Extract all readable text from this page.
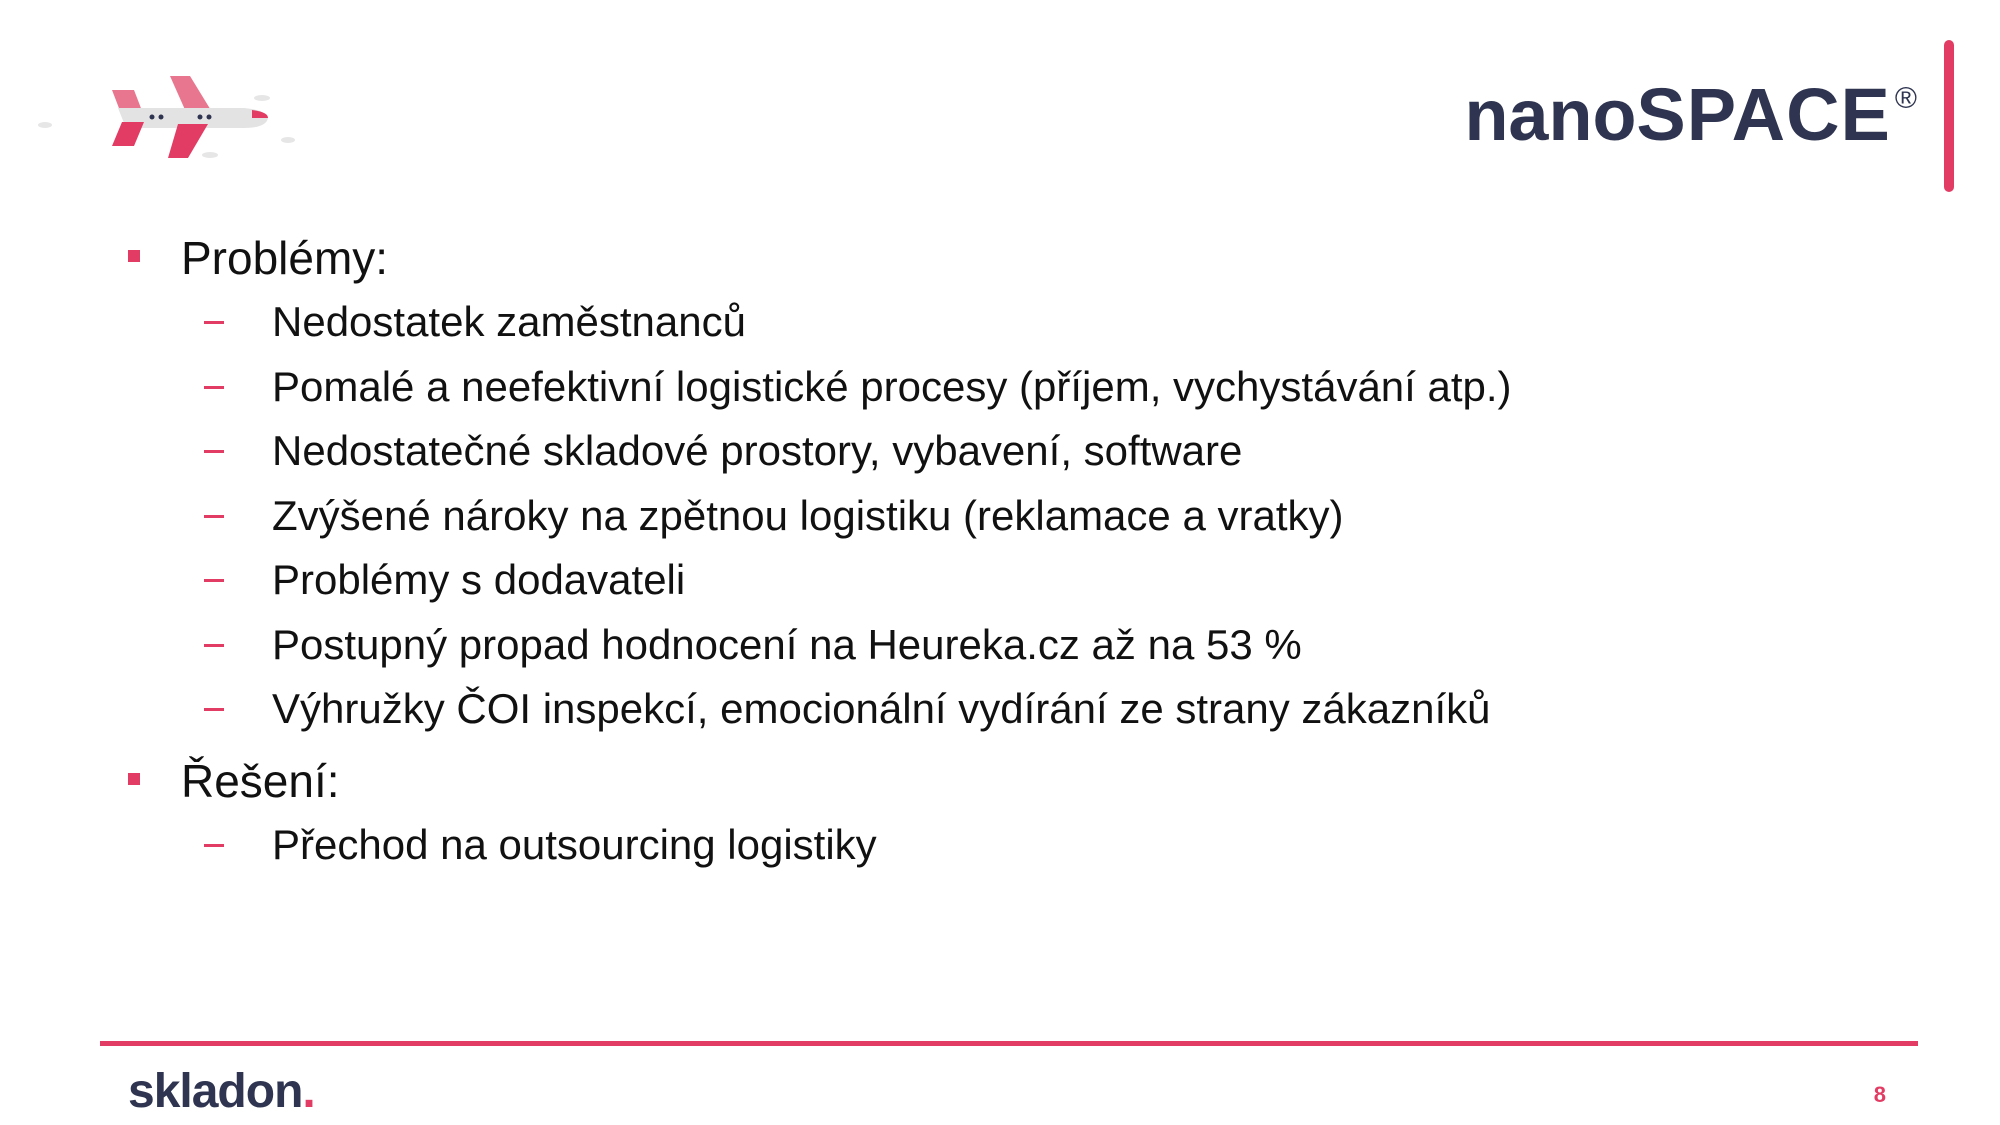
nanoSPACE ®
Problémy:
Nedostatek zaměstnanců
Pomalé a neefektivní logistické procesy (příjem, vychystávání atp.)
Nedostatečné skladové prostory, vybavení, software
Zvýšené nároky na zpětnou logistiku (reklamace a vratky)
Problémy s dodavateli
Postupný propad hodnocení na Heureka.cz až na 53 %
Výhružky ČOI inspekcí, emocionální vydírání ze strany zákazníků
Řešení:
Přechod na outsourcing logistiky
skladon.	8
